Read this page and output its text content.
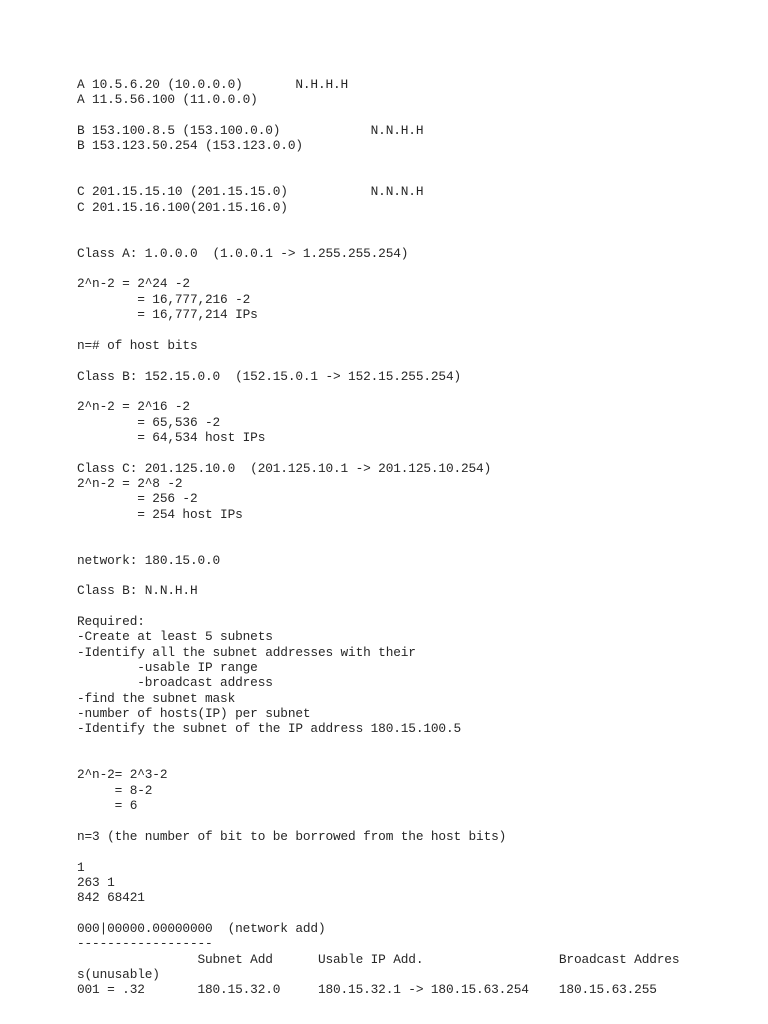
A 10.5.6.20 (10.0.0.0)       N.H.H.H
A 11.5.56.100 (11.0.0.0)

B 153.100.8.5 (153.100.0.0)            N.N.H.H
B 153.123.50.254 (153.123.0.0)

C 201.15.15.10 (201.15.15.0)           N.N.N.H
C 201.15.16.100(201.15.16.0)

Class A: 1.0.0.0  (1.0.0.1 -> 1.255.255.254)

2^n-2 = 2^24 -2
= 16,777,216 -2
= 16,777,214 IPs

n=# of host bits

Class B: 152.15.0.0  (152.15.0.1 -> 152.15.255.254)

2^n-2 = 2^16 -2
= 65,536 -2
= 64,534 host IPs

Class C: 201.125.10.0  (201.125.10.1 -> 201.125.10.254)
2^n-2 = 2^8 -2
= 256 -2
= 254 host IPs

network: 180.15.0.0

Class B: N.N.H.H

Required:
-Create at least 5 subnets
-Identify all the subnet addresses with their
-usable IP range
-broadcast address
-find the subnet mask
-number of hosts(IP) per subnet
-Identify the subnet of the IP address 180.15.100.5

2^n-2= 2^3-2
= 8-2
= 6

n=3 (the number of bit to be borrowed from the host bits)

1
263 1
842 68421

000|00000.00000000  (network add)
------------------
Subnet Add      Usable IP Add.                  Broadcast Addres
s(unusable)
001 = .32       180.15.32.0     180.15.32.1 -> 180.15.63.254    180.15.63.255
